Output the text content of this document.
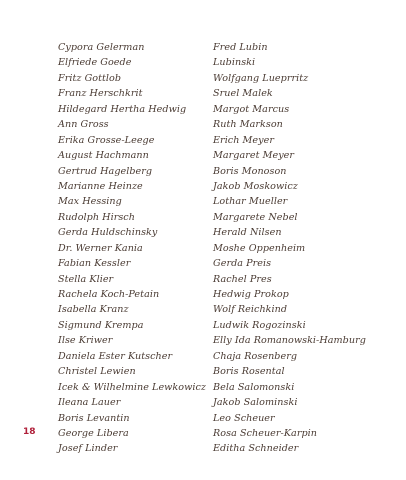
Cypora Gelerman
Elfriede Goede
Fritz Gottlob
Franz Herschkrit
Hildegard Hertha Hedwig
Ann Gross
Erika Grosse-Leege
August Hachmann
Gertrud Hagelberg
Marianne Heinze
Max Hessing
Rudolph Hirsch
Gerda Huldschinsky
Dr. Werner Kania
Fabian Kessler
Stella Klier
Rachela Koch-Petain
Isabella Kranz
Sigmund Krempa
Ilse Kriwer
Daniela Ester Kutscher
Christel Lewien
Icek & Wilhelmine Lewkowicz
Ileana Lauer
Boris Levantin
George Libera
Josef Linder
Fred Lubin
Lubinski
Wolfgang Lueprritz
Sruel Malek
Margot Marcus
Ruth Markson
Erich Meyer
Margaret Meyer
Boris Monoson
Jakob Moskowicz
Lothar Mueller
Margarete Nebel
Herald Nilsen
Moshe Oppenheim
Gerda Preis
Rachel Pres
Hedwig Prokop
Wolf Reichkind
Ludwik Rogozinski
Elly Ida Romanowski-Hamburg
Chaja Rosenberg
Boris Rosental
Bela Salomonski
Jakob Salominski
Leo Scheuer
Rosa Scheuer-Karpin
Editha Schneider
18
